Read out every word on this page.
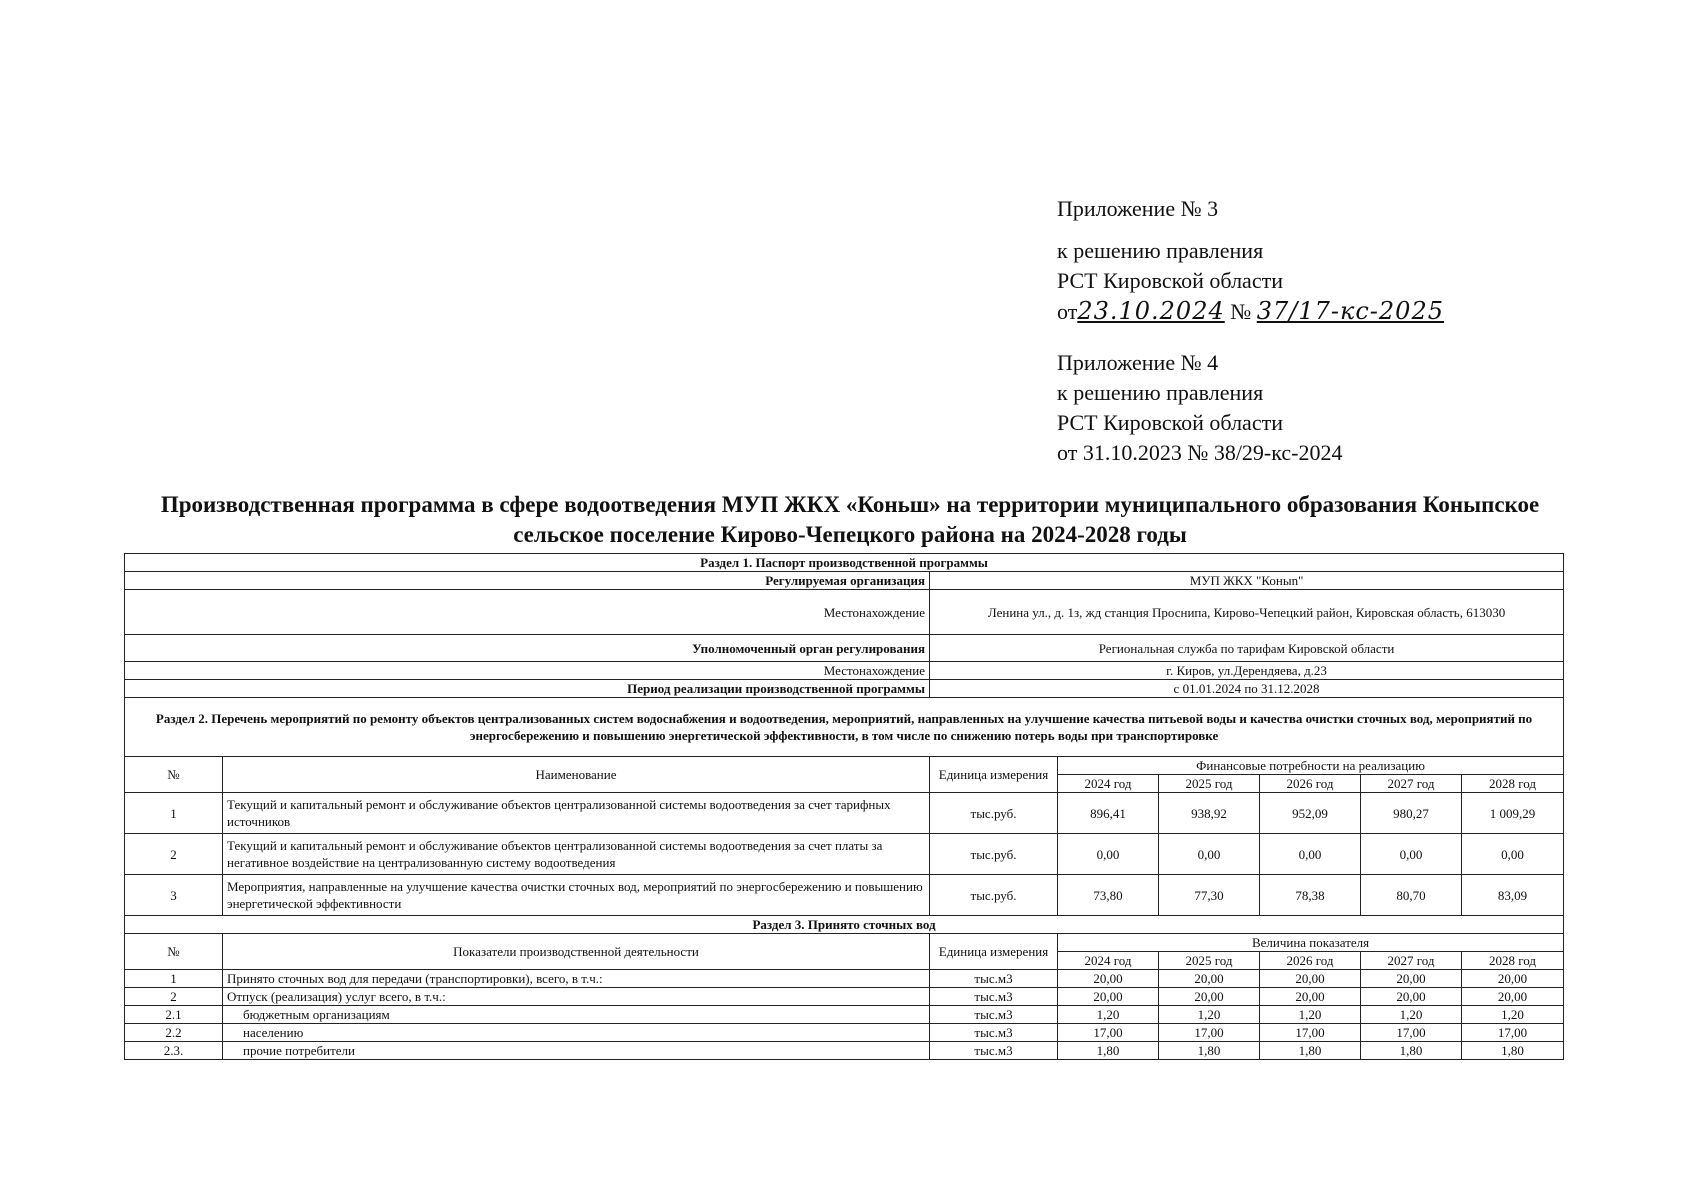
Приложение № 3

к решению правления

РСТ Кировской области

от23.10.2024 № 37/17-кс-2025

Приложение № 4

к решению правления

РСТ Кировской области

от 31.10.2023 № 38/29-кс-2024

Производственная программа в сфере водоотведения МУП ЖКХ «Коньш» на территории муниципального образования Коныпское
сельское поселение Кирово-Чепецкого района на 2024-2028 годы
Раздел 1. Паспорт производственной программы							
Регулируемая организация		МУП ЖКХ "Коныn"					
Местонахождение		Ленина ул., д. 1з, жд станция Проснипа, Кирово-Чепецкий район, Кировская область, 613030					
Уполномоченный орган регулирования		Региональная служба по тарифам Кировской области					
Местонахождение		г. Киров, ул.Дерендяева, д.23					
Период реализации производственной программы		с 01.01.2024 по 31.12.2028					
Раздел 2. Перечень мероприятий по ремонту объектов централизованных систем водоснабжения и водоотведения, мероприятий, направленных на улучшение качества питьевой воды и качества очистки сточных вод, мероприятий по энергосбережению и повышению энергетической эффективности, в том числе по снижению потерь воды при транспортировке							
№	Наименование	Единица измерения	Финансовые потребности на реализацию				
			2024 год	2025 год	2026 год	2027 год	2028 год
1	Текущий и капитальный ремонт и обслуживание объектов централизованной системы водоотведения за счет тарифных источников	тыс.руб.	896,41	938,92	952,09	980,27	1 009,29
2	Текущий и капитальный ремонт и обслуживание объектов централизованной системы водоотведения за счет платы за негативное воздействие на централизованную систему водоотведения	тыс.руб.	0,00	0,00	0,00	0,00	0,00
3	Мероприятия, направленные на улучшение качества очистки сточных вод, мероприятий по энергосбережению и повышению энергетической эффективности	тыс.руб.	73,80	77,30	78,38	80,70	83,09
Раздел 3. Принято сточных вод							
№	Показатели производственной деятельности	Единица измерения	Величина показателя				
			2024 год	2025 год	2026 год	2027 год	2028 год
1	Принято сточных вод для передачи (транспортировки), всего, в т.ч.:	тыс.м3	20,00	20,00	20,00	20,00	20,00
2	Отпуск (реализация) услуг всего, в т.ч.:	тыс.м3	20,00	20,00	20,00	20,00	20,00
2.1	бюджетным организациям	тыс.м3	1,20	1,20	1,20	1,20	1,20
2.2	населению	тыс.м3	17,00	17,00	17,00	17,00	17,00
2.3.	прочие потребители	тыс.м3	1,80	1,80	1,80	1,80	1,80
